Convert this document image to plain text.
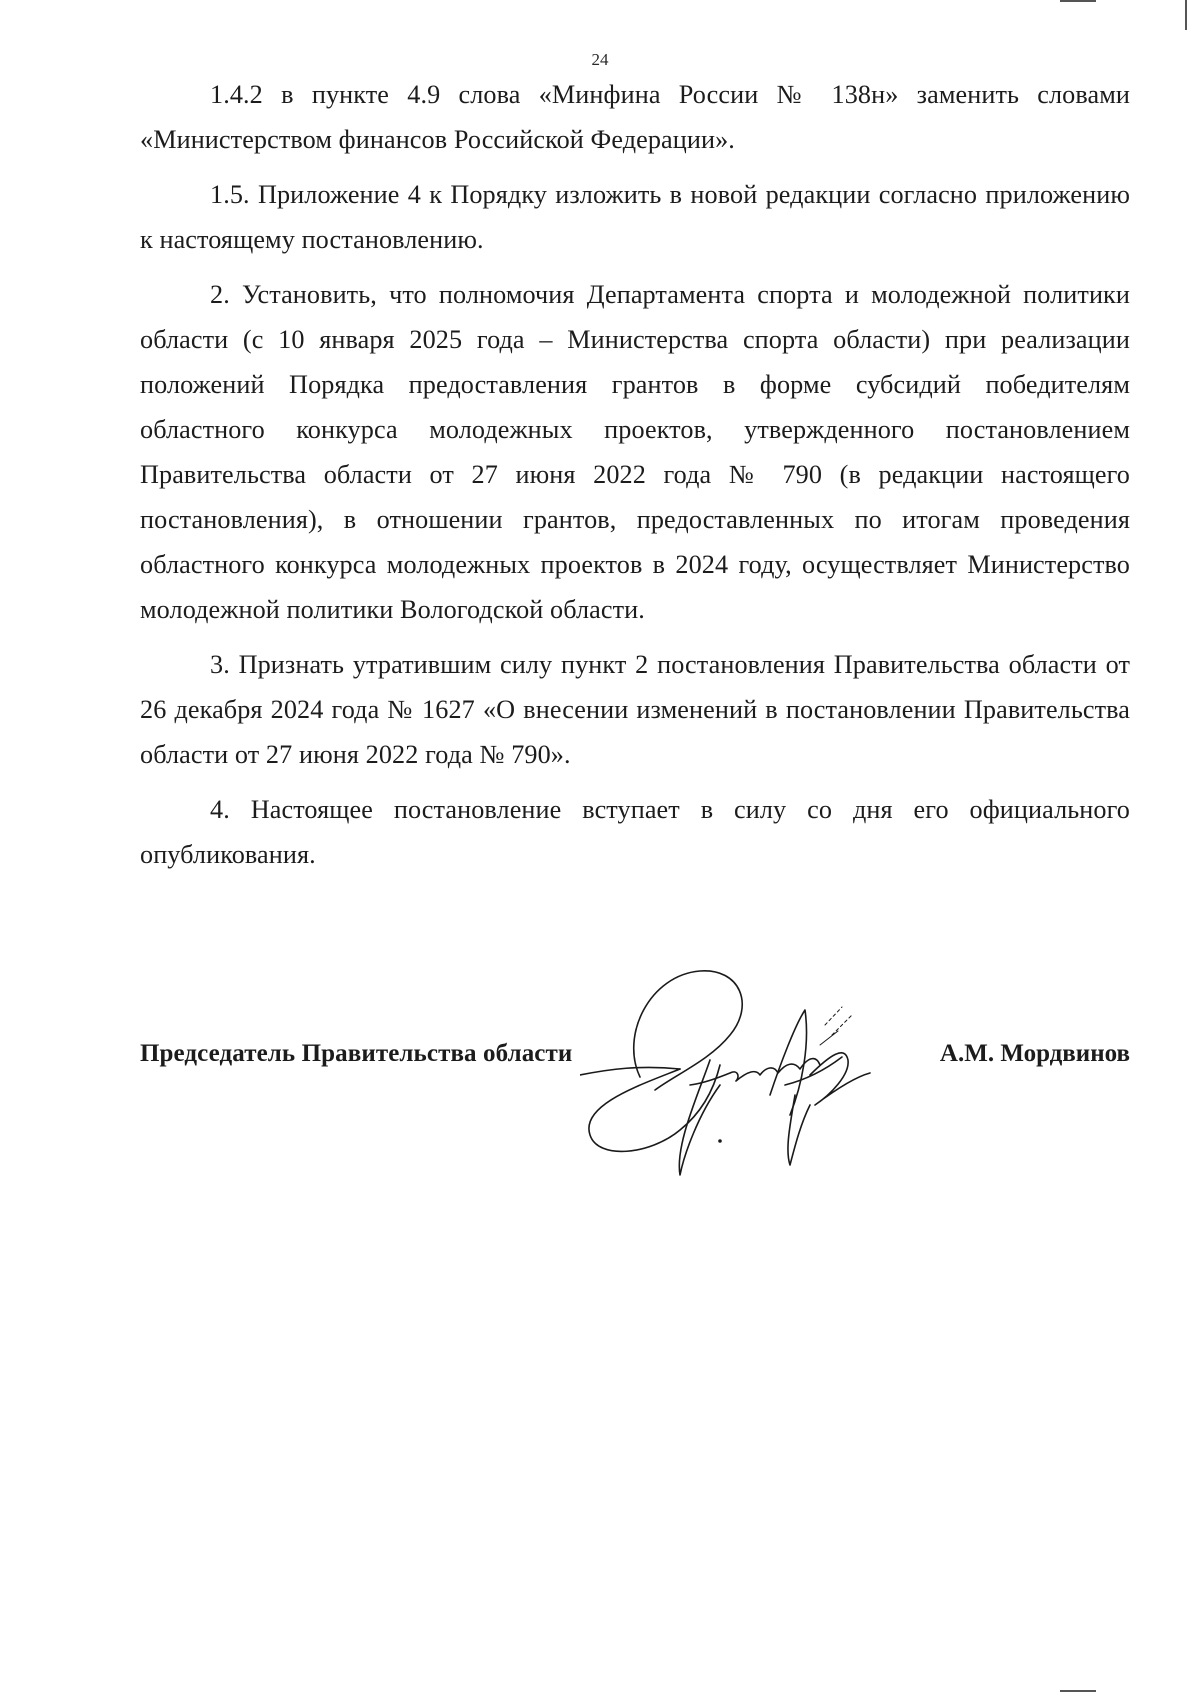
24

1.4.2 в пункте 4.9 слова «Минфина России № 138н» заменить словами «Министерством финансов Российской Федерации».

1.5. Приложение 4 к Порядку изложить в новой редакции согласно приложению к настоящему постановлению.

2. Установить, что полномочия Департамента спорта и молодежной политики области (с 10 января 2025 года – Министерства спорта области) при реализации положений Порядка предоставления грантов в форме субсидий победителям областного конкурса молодежных проектов, утвержденного постановлением Правительства области от 27 июня 2022 года № 790 (в редакции настоящего постановления), в отношении грантов, предоставленных по итогам проведения областного конкурса молодежных проектов в 2024 году, осуществляет Министерство молодежной политики Вологодской области.

3. Признать утратившим силу пункт 2 постановления Правительства области от 26 декабря 2024 года № 1627 «О внесении изменений в постановлении Правительства области от 27 июня 2022 года № 790».

4. Настоящее постановление вступает в силу со дня его официального опубликования.

Председатель Правительства области	А.М. Мордвинов
